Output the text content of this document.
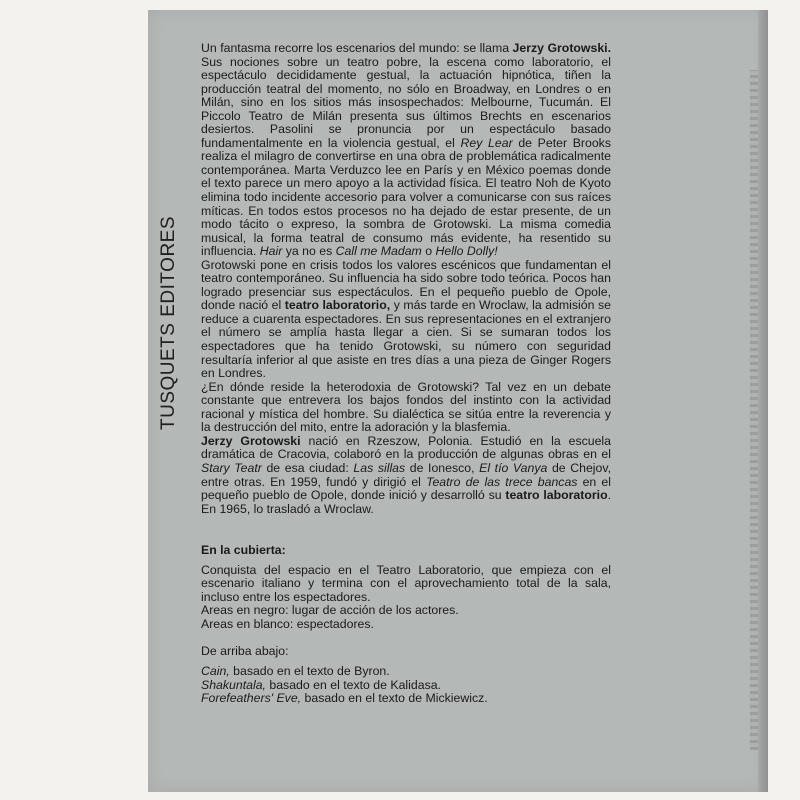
TUSQUETS EDITORES

Un fantasma recorre los escenarios del mundo: se llama Jerzy Grotowski. Sus nociones sobre un teatro pobre, la escena como laboratorio, el espectáculo decididamente gestual, la actuación hipnótica, tiñen la producción teatral del momento, no sólo en Broadway, en Londres o en Milán, sino en los sitios más insospechados: Melbourne, Tucumán. El Piccolo Teatro de Milán presenta sus últimos Brechts en escenarios desiertos. Pasolini se pronuncia por un espectáculo basado fundamentalmente en la violencia gestual, el Rey Lear de Peter Brooks realiza el milagro de convertirse en una obra de problemática radicalmente contemporánea. Marta Verduzco lee en París y en México poemas donde el texto parece un mero apoyo a la actividad física. El teatro Noh de Kyoto elimina todo incidente accesorio para volver a comunicarse con sus raíces míticas. En todos estos procesos no ha dejado de estar presente, de un modo tácito o expreso, la sombra de Grotowski. La misma comedia musical, la forma teatral de consumo más evidente, ha resentido su influencia. Hair ya no es Call me Madam o Hello Dolly!

Grotowski pone en crisis todos los valores escénicos que fundamentan el teatro contemporáneo. Su influencia ha sido sobre todo teórica. Pocos han logrado presenciar sus espectáculos. En el pequeño pueblo de Opole, donde nació el teatro laboratorio, y más tarde en Wroclaw, la admisión se reduce a cuarenta espectadores. En sus representaciones en el extranjero el número se amplía hasta llegar a cien. Si se sumaran todos los espectadores que ha tenido Grotowski, su número con seguridad resultaría inferior al que asiste en tres días a una pieza de Ginger Rogers en Londres.

¿En dónde reside la heterodoxia de Grotowski? Tal vez en un debate constante que entrevera los bajos fondos del instinto con la actividad racional y mística del hombre. Su dialéctica se sitúa entre la reverencia y la destrucción del mito, entre la adoración y la blasfemia.

Jerzy Grotowski nació en Rzeszow, Polonia. Estudió en la escuela dramática de Cracovia, colaboró en la producción de algunas obras en el Stary Teatr de esa ciudad: Las sillas de Ionesco, El tío Vanya de Chejov, entre otras. En 1959, fundó y dirigió el Teatro de las trece bancas en el pequeño pueblo de Opole, donde inició y desarrolló su teatro laboratorio. En 1965, lo trasladó a Wroclaw.

En la cubierta:

Conquista del espacio en el Teatro Laboratorio, que empieza con el escenario italiano y termina con el aprovechamiento total de la sala, incluso entre los espectadores.

Areas en negro: lugar de acción de los actores.

Areas en blanco: espectadores.

De arriba abajo:

Cain, basado en el texto de Byron.

Shakuntala, basado en el texto de Kalidasa.

Forefeathers' Eve, basado en el texto de Mickiewicz.
